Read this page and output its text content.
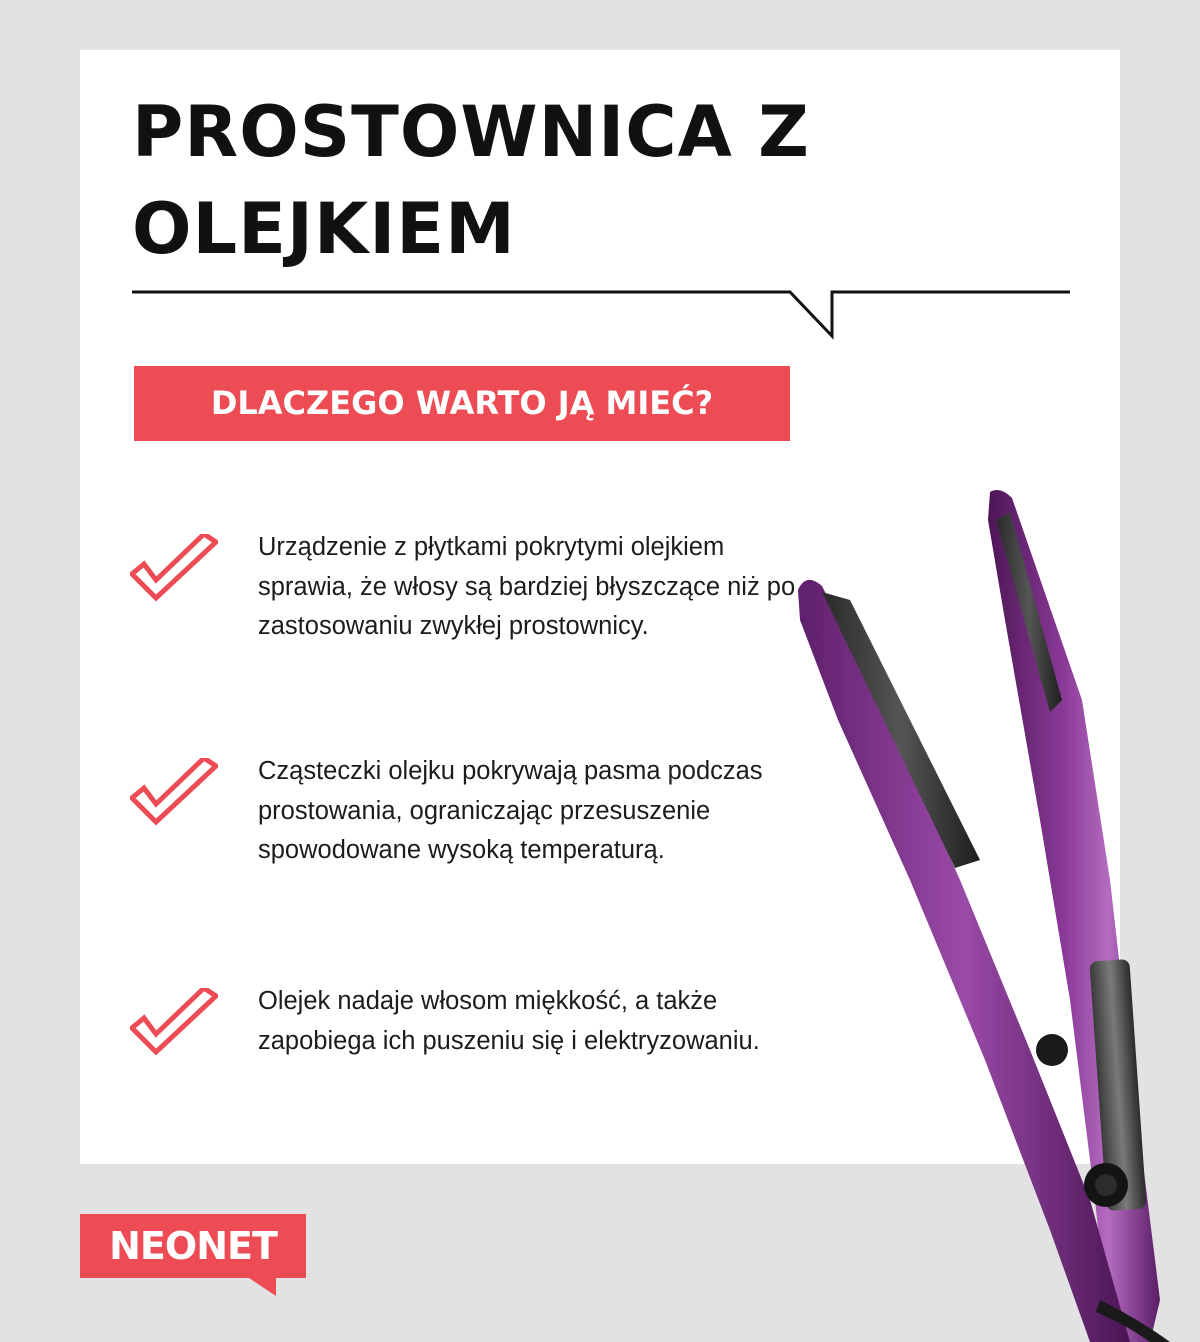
PROSTOWNICA Z OLEJKIEM
DLACZEGO WARTO JĄ MIEĆ?
Urządzenie z płytkami pokrytymi olejkiem sprawia, że włosy są bardziej błyszczące niż po zastosowaniu zwykłej prostownicy.
Cząsteczki olejku pokrywają pasma podczas prostowania, ograniczając przesuszenie spowodowane wysoką temperaturą.
Olejek nadaje włosom miękkość, a także zapobiega ich puszeniu się i elektryzowaniu.
NEONET
